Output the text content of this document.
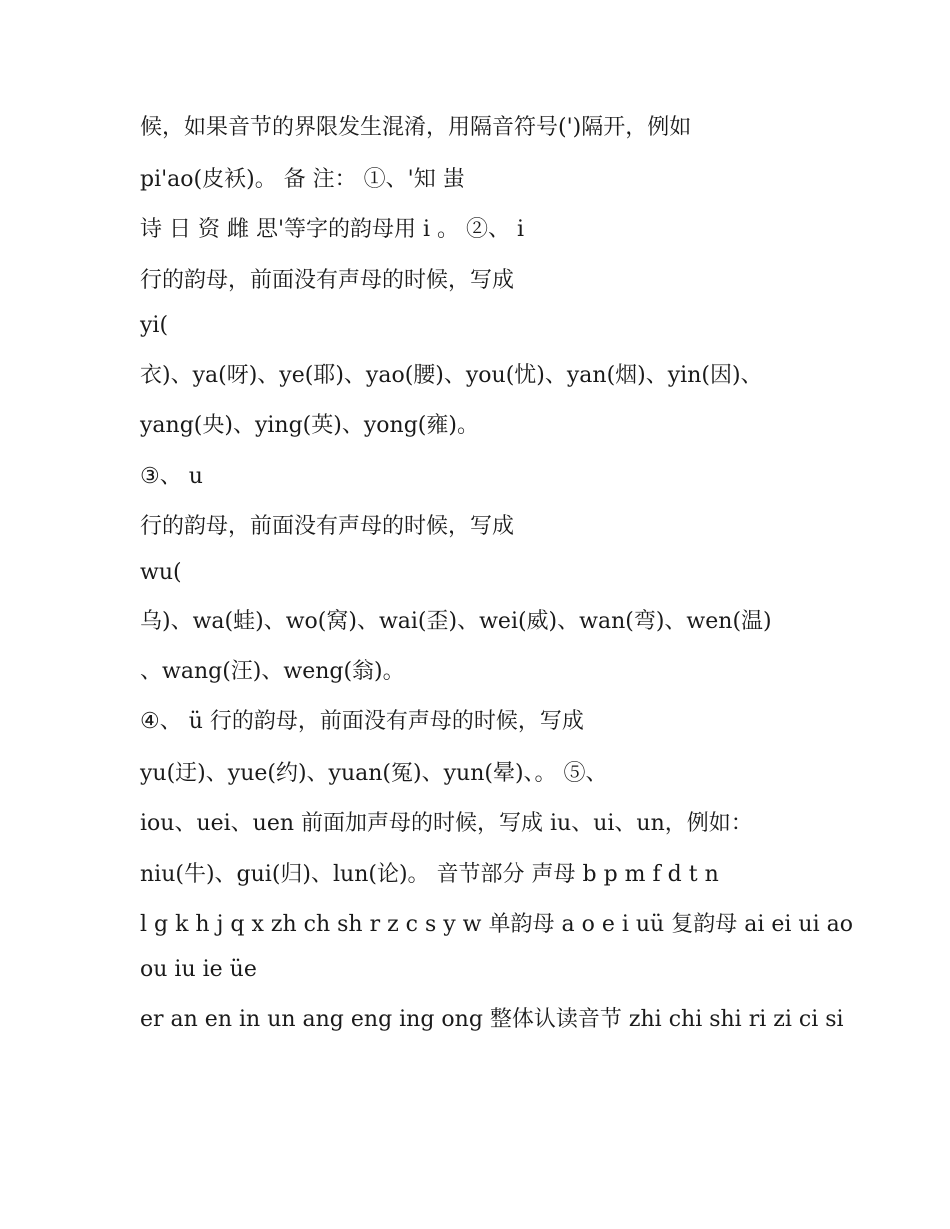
候，如果音节的界限发生混淆，用隔音符号(')隔开，例如
pi'ao(皮袄)。 备 注： ①、'知 蚩
诗 日 资 雌 思'等字的韵母用 i 。 ②、 i
行的韵母，前面没有声母的时候，写成
yi(
衣)、ya(呀)、ye(耶)、yao(腰)、you(忧)、yan(烟)、yin(因)、
yang(央)、ying(英)、yong(雍)。
③、 u
行的韵母，前面没有声母的时候，写成
wu(
乌)、wa(蛙)、wo(窝)、wai(歪)、wei(威)、wan(弯)、wen(温)
、wang(汪)、weng(翁)。
④、 ü 行的韵母，前面没有声母的时候，写成
yu(迂)、yue(约)、yuan(冤)、yun(晕)、。 ⑤、
iou、uei、uen 前面加声母的时候，写成 iu、ui、un，例如：
niu(牛)、gui(归)、lun(论)。 音节部分 声母 b p m f d t n
l g k h j q x zh ch sh r z c s y w 单韵母 a o e i uü 复韵母 ai ei ui ao
ou iu ie üe
er an en in un ang eng ing ong 整体认读音节 zhi chi shi ri zi ci si
